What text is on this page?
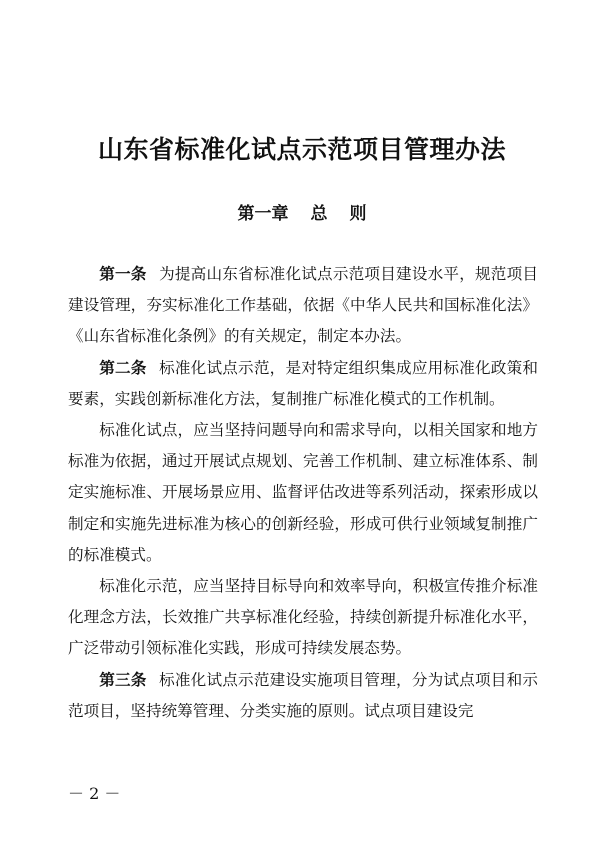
山东省标准化试点示范项目管理办法
第一章 总 则

第一条 为提高山东省标准化试点示范项目建设水平，规范项目建设管理，夯实标准化工作基础，依据《中华人民共和国标准化法》《山东省标准化条例》的有关规定，制定本办法。

第二条 标准化试点示范，是对特定组织集成应用标准化政策和要素，实践创新标准化方法，复制推广标准化模式的工作机制。

标准化试点，应当坚持问题导向和需求导向，以相关国家和地方标准为依据，通过开展试点规划、完善工作机制、建立标准体系、制定实施标准、开展场景应用、监督评估改进等系列活动，探索形成以制定和实施先进标准为核心的创新经验，形成可供行业领域复制推广的标准模式。

标准化示范，应当坚持目标导向和效率导向，积极宣传推介标准化理念方法，长效推广共享标准化经验，持续创新提升标准化水平，广泛带动引领标准化实践，形成可持续发展态势。

第三条 标准化试点示范建设实施项目管理，分为试点项目和示范项目，坚持统筹管理、分类实施的原则。试点项目建设完

－ 2 －
